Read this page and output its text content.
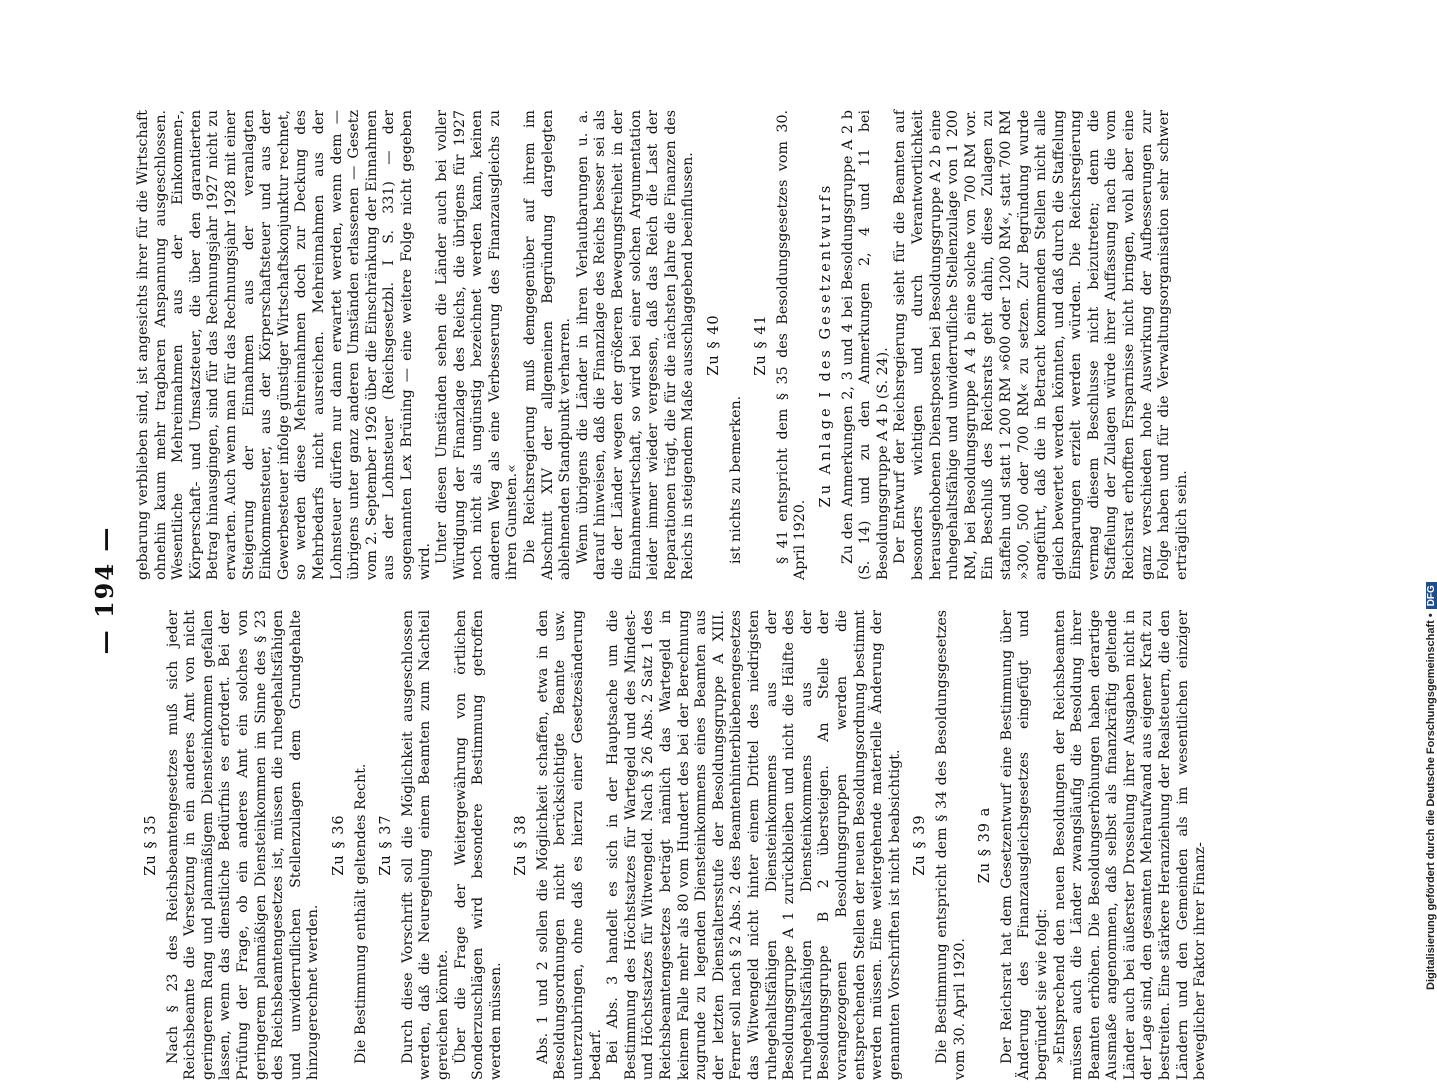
— 194 —
Zu § 35 Nach § 23 des Reichsbeamtengesetzes muß sich jeder Reichsbeamte die Versetzung in ein anderes Amt von nicht geringerem Rang und planmäßigem Diensteinkommen gefallen lassen, wenn das dienstliche Bedürfnis es erfordert. Bei der Prüfung der Frage, ob ein anderes Amt ein solches von geringerem planmäßigen Diensteinkommen im Sinne des § 23 des Reichsbeamtengesetzes ist, müssen die ruhegehaltsfähigen und unwiderruflichen Stellenzulagen dem Grundgehalte hinzugerechnet werden.

Zu § 36 Die Bestimmung enthält geltendes Recht. Zu § 37 Durch diese Vorschrift soll die Möglichkeit ausgeschlossen werden, daß die Neuregelung einem Beamten zum Nachteil gereichen könnte. Über die Frage der Weitergewährung von örtlichen Sonderzuschlägen wird besondere Bestimmung getroffen werden müssen.

Zu § 38 Abs. 1 und 2 sollen die Möglichkeit schaffen, etwa in den Besoldungsordnungen nicht berücksichtigte Beamte usw. unterzubringen, ohne daß es hierzu einer Gesetzesänderung bedarf. Bei Abs. 3 handelt es sich in der Hauptsache um die Bestimmung des Höchstsatzes für Wartegeld und des Mindest- und Höchstsatzes für Witwengeld. Nach § 26 Abs. 2 Satz 1 des Reichsbeamtengesetzes beträgt nämlich das Wartegeld in keinem Falle mehr als 80 vom Hundert des bei der Berechnung zugrunde zu legenden Diensteinkommens eines Beamten aus der letzten Dienstaltersstufe der Besoldungsgruppe A XIII. Ferner soll nach § 2 Abs. 2 des Beamtenhinterbliebenengesetzes das Witwengeld nicht hinter einem Drittel des niedrigsten ruhegehaltsfähigen Diensteinkommens aus der Besoldungsgruppe A 1 zurückbleiben und nicht die Hälfte des ruhegehaltsfähigen Diensteinkommens aus der Besoldungsgruppe B 2 übersteigen. An Stelle der vorangezogenen Besoldungsgruppen werden die entsprechenden Stellen der neuen Besoldungsordnung bestimmt werden müssen. Eine weitergehende materielle Änderung der genannten Vorschriften ist nicht beabsichtigt. Zu § 39 Die Bestimmung entspricht dem § 34 des Besoldungsgesetzes vom 30. April 1920.

Zu § 39 a Der Reichsrat hat dem Gesetzentwurf eine Bestimmung über Änderung des Finanzausgleichsgesetzes eingefügt und begründet sie wie folgt: »Entsprechend den neuen Besoldungen der Reichsbeamten müssen auch die Länder zwangsläufig die Besoldung ihrer Beamten erhöhen. Die Besoldungserhöhungen haben derartige Ausmaße angenommen, daß selbst als finanzkräftig geltende Länder auch bei äußerster Drosselung ihrer Ausgaben nicht in der Lage sind, den gesamten Mehraufwand aus eigener Kraft zu bestreiten. Eine stärkere Heranziehung der Realsteuern, die den Ländern und den Gemeinden als im wesentlichen einziger beweglicher Faktor ihrer Finanz-

gebarung verblieben sind, ist angesichts ihrer für die Wirtschaft ohnehin kaum mehr tragbaren Anspannung ausgeschlossen. Wesentliche Mehreinnahmen aus der Einkommen-, Körperschaft- und Umsatzsteuer, die über den garantierten Betrag hinausgingen, sind für das Rechnungsjahr 1927 nicht zu erwarten. Auch wenn man für das Rechnungsjahr 1928 mit einer Steigerung der Einnahmen aus der veranlagten Einkommensteuer, aus der Körperschaftsteuer und aus der Gewerbesteuer infolge günstiger Wirtschaftskonjunktur rechnet, so werden diese Mehreinnahmen doch zur Deckung des Mehrbedarfs nicht ausreichen. Mehreinnahmen aus der Lohnsteuer dürfen nur dann erwartet werden, wenn dem — übrigens unter ganz anderen Umständen erlassenen — Gesetz vom 2. September 1926 über die Einschränkung der Einnahmen aus der Lohnsteuer (Reichsgesetzbl. I S. 331) — der sogenannten Lex Brüning — eine weitere Folge nicht gegeben wird. Unter diesen Umständen sehen die Länder auch bei voller Würdigung der Finanzlage des Reichs, die übrigens für 1927 noch nicht als ungünstig bezeichnet werden kann, keinen anderen Weg als eine Verbesserung des Finanzausgleichs zu ihren Gunsten.« Die Reichsregierung muß demgegenüber auf ihrem im Abschnitt XIV der allgemeinen Begründung dargelegten ablehnenden Standpunkt verharren. Wenn übrigens die Länder in ihren Verlautbarungen u. a. darauf hinweisen, daß die Finanzlage des Reichs besser sei als die der Länder wegen der größeren Bewegungsfreiheit in der Einnahmewirtschaft, so wird bei einer solchen Argumentation leider immer wieder vergessen, daß das Reich die Last der Reparationen trägt, die für die nächsten Jahre die Finanzen des Reichs in steigendem Maße ausschlaggebend beeinflussen. Zu § 40

ist nichts zu bemerken.

Zu § 41 § 41 entspricht dem § 35 des Besoldungsgesetzes vom 30. April 1920.

Zu Anlage I des Gesetzentwurfs Zu den Anmerkungen 2, 3 und 4 bei Besoldungsgruppe A 2 b (S. 14) und zu den Anmerkungen 2, 4 und 11 bei Besoldungsgruppe A 4 b (S. 24). Der Entwurf der Reichsregierung sieht für die Beamten auf besonders wichtigen und durch Verantwortlichkeit herausgehobenen Dienstposten bei Besoldungsgruppe A 2 b eine ruhegehaltsfähige und unwiderrufliche Stellenzulage von 1 200 RM, bei Besoldungsgruppe A 4 b eine solche von 700 RM vor. Ein Beschluß des Reichsrats geht dahin, diese Zulagen zu staffeln und statt 1 200 RM »600 oder 1200 RM«, statt 700 RM »300, 500 oder 700 RM« zu setzen. Zur Begründung wurde angeführt, daß die in Betracht kommenden Stellen nicht alle gleich bewertet werden könnten, und daß durch die Staffelung Einsparungen erzielt werden würden. Die Reichsregierung vermag diesem Beschlusse nicht beizutreten; denn die Staffelung der Zulagen würde ihrer Auffassung nach die vom Reichsrat erhofften Ersparnisse nicht bringen, wohl aber eine ganz verschieden hohe Auswirkung der Aufbesserungen zur Folge haben und für die Verwaltungsorganisation sehr schwer erträglich sein.

Digitalisierung gefördert durch die Deutsche Forschungsgemeinschaft •DFG
